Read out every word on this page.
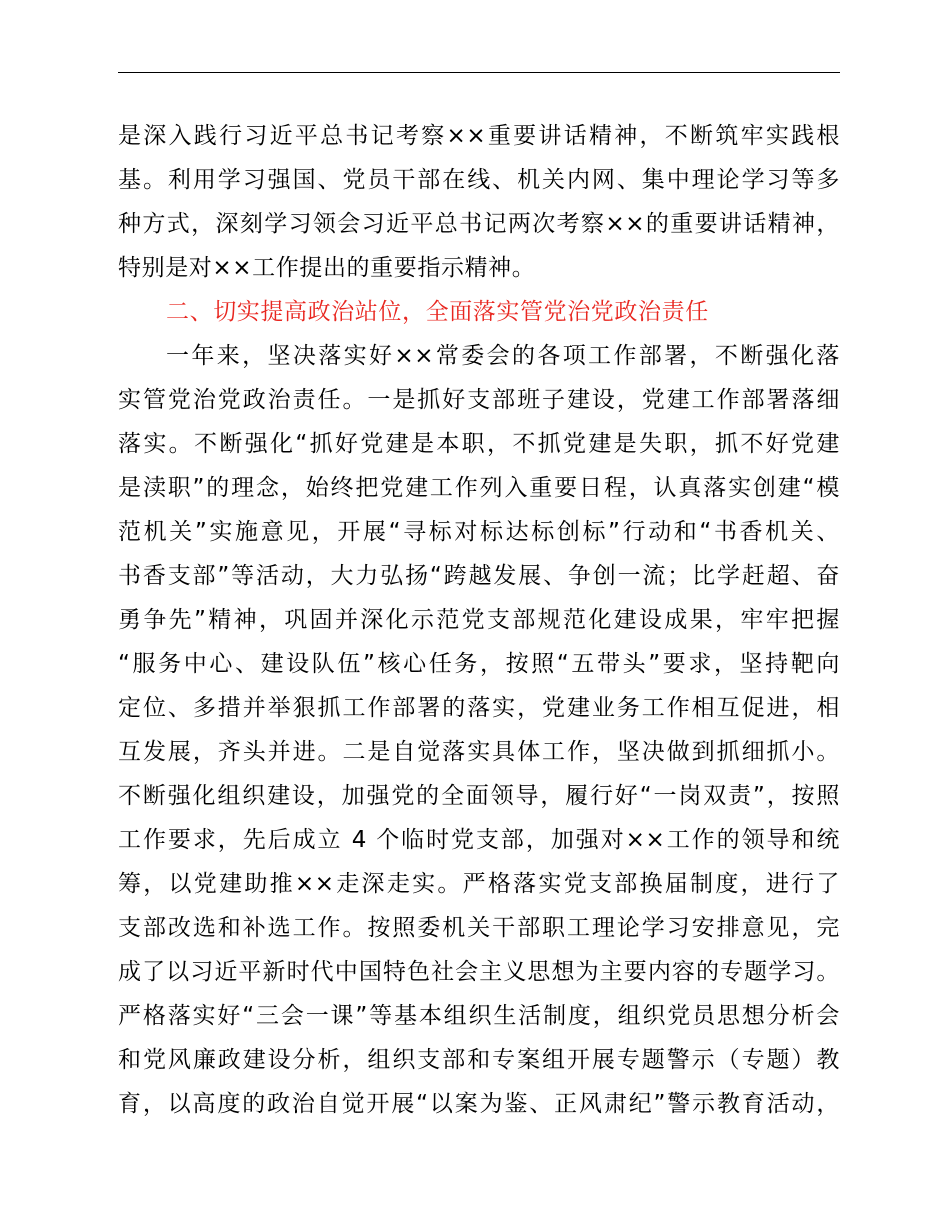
是深入践行习近平总书记考察××重要讲话精神，不断筑牢实践根
基。利用学习强国、党员干部在线、机关内网、集中理论学习等多
种方式，深刻学习领会习近平总书记两次考察××的重要讲话精神，
特别是对××工作提出的重要指示精神。
二、切实提高政治站位，全面落实管党治党政治责任
一年来，坚决落实好××常委会的各项工作部署，不断强化落
实管党治党政治责任。一是抓好支部班子建设，党建工作部署落细
落实。不断强化“抓好党建是本职，不抓党建是失职，抓不好党建
是渎职”的理念，始终把党建工作列入重要日程，认真落实创建“模
范机关”实施意见，开展“寻标对标达标创标”行动和“书香机关、
书香支部”等活动，大力弘扬“跨越发展、争创一流；比学赶超、奋
勇争先”精神，巩固并深化示范党支部规范化建设成果，牢牢把握
“服务中心、建设队伍”核心任务，按照“五带头”要求，坚持靶向
定位、多措并举狠抓工作部署的落实，党建业务工作相互促进，相
互发展，齐头并进。二是自觉落实具体工作，坚决做到抓细抓小。
不断强化组织建设，加强党的全面领导，履行好“一岗双责”，按照
工作要求，先后成立 4 个临时党支部，加强对××工作的领导和统
筹，以党建助推××走深走实。严格落实党支部换届制度，进行了
支部改选和补选工作。按照委机关干部职工理论学习安排意见，完
成了以习近平新时代中国特色社会主义思想为主要内容的专题学习。
严格落实好“三会一课”等基本组织生活制度，组织党员思想分析会
和党风廉政建设分析，组织支部和专案组开展专题警示（专题）教
育，以高度的政治自觉开展“以案为鉴、正风肃纪”警示教育活动，
